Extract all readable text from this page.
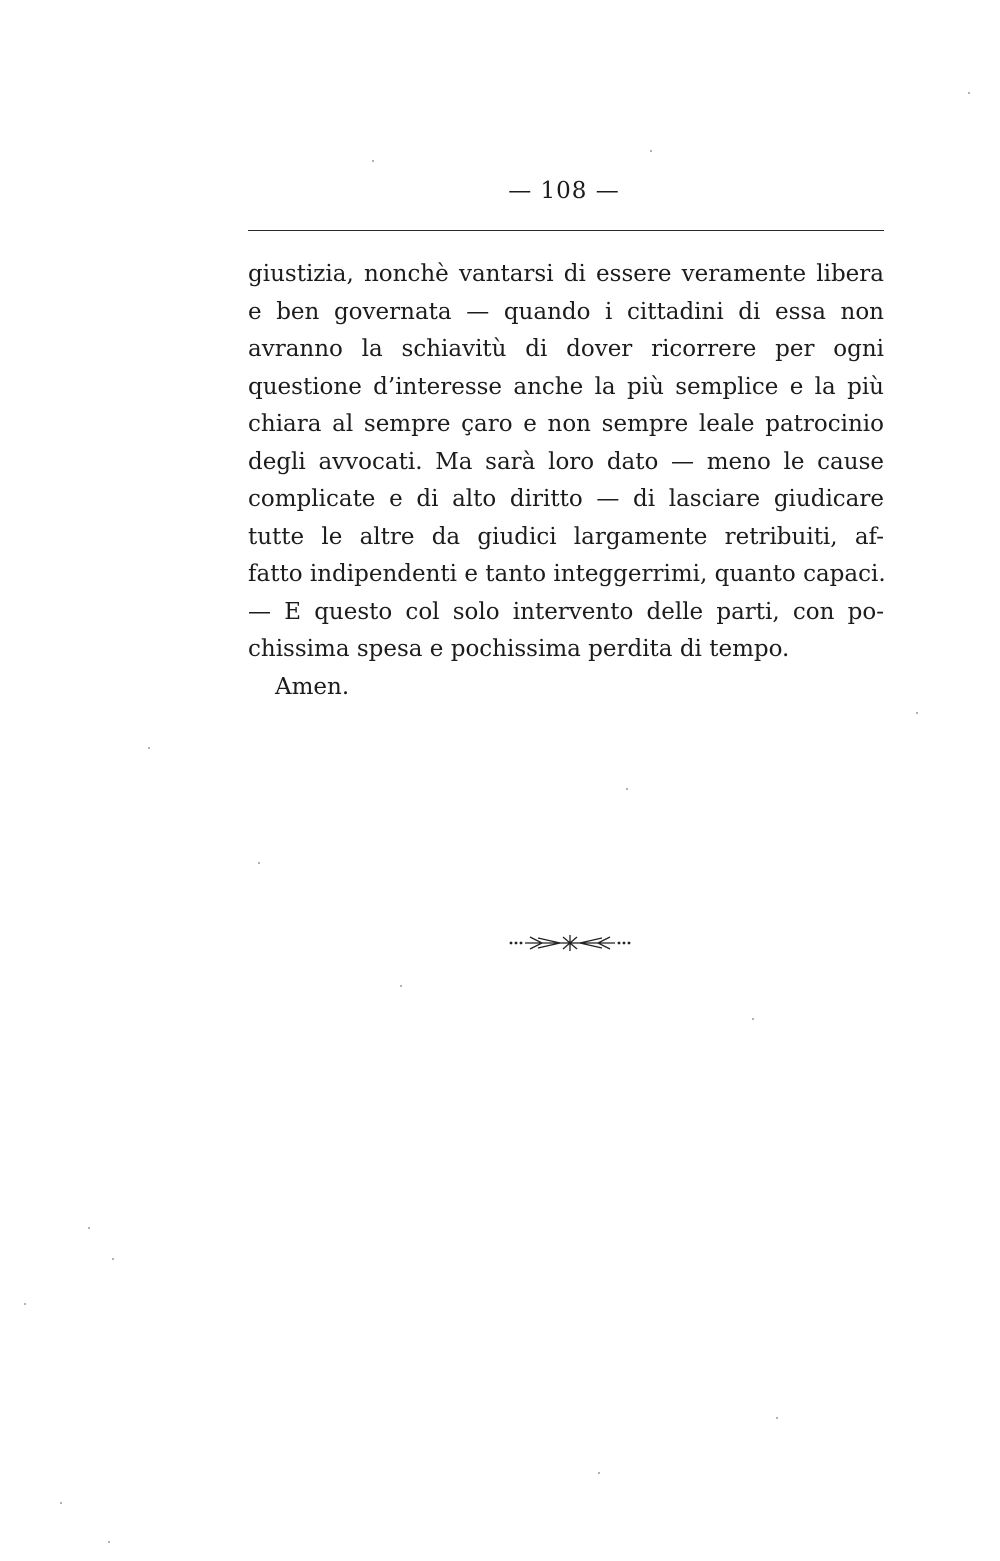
— 108 —
giustizia, nonchè vantarsi di essere veramente libera
e ben governata — quando i cittadini di essa non
avranno la schiavitù di dover ricorrere per ogni
questione d’interesse anche la più semplice e la più
chiara al sempre çaro e non sempre leale patrocinio
degli avvocati. Ma sarà loro dato — meno le cause
complicate e di alto diritto — di lasciare giudicare
tutte le altre da giudici largamente retribuiti, af-
fatto indipendenti e tanto integgerrimi, quanto capaci.
— E questo col solo intervento delle parti, con po-
chissima spesa e pochissima perdita di tempo.
Amen.
